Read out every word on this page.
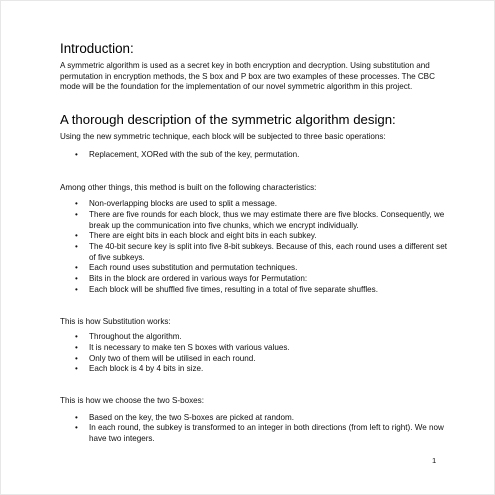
Introduction:

A symmetric algorithm is used as a secret key in both encryption and decryption. Using substitution and permutation in encryption methods, the S box and P box are two examples of these processes. The CBC mode will be the foundation for the implementation of our novel symmetric algorithm in this project.

A thorough description of the symmetric algorithm design:

Using the new symmetric technique, each block will be subjected to three basic operations:

• Replacement, XORed with the sub of the key, permutation.

Among other things, this method is built on the following characteristics:

• Non-overlapping blocks are used to split a message.
• There are five rounds for each block, thus we may estimate there are five blocks. Consequently, we break up the communication into five chunks, which we encrypt individually.
• There are eight bits in each block and eight bits in each subkey.
• The 40-bit secure key is split into five 8-bit subkeys. Because of this, each round uses a different set of five subkeys.
• Each round uses substitution and permutation techniques.
• Bits in the block are ordered in various ways for Permutation:
• Each block will be shuffled five times, resulting in a total of five separate shuffles.

This is how Substitution works:

• Throughout the algorithm.
• It is necessary to make ten S boxes with various values.
• Only two of them will be utilised in each round.
• Each block is 4 by 4 bits in size.

This is how we choose the two S-boxes:

• Based on the key, the two S-boxes are picked at random.
• In each round, the subkey is transformed to an integer in both directions (from left to right). We now have two integers.
1
